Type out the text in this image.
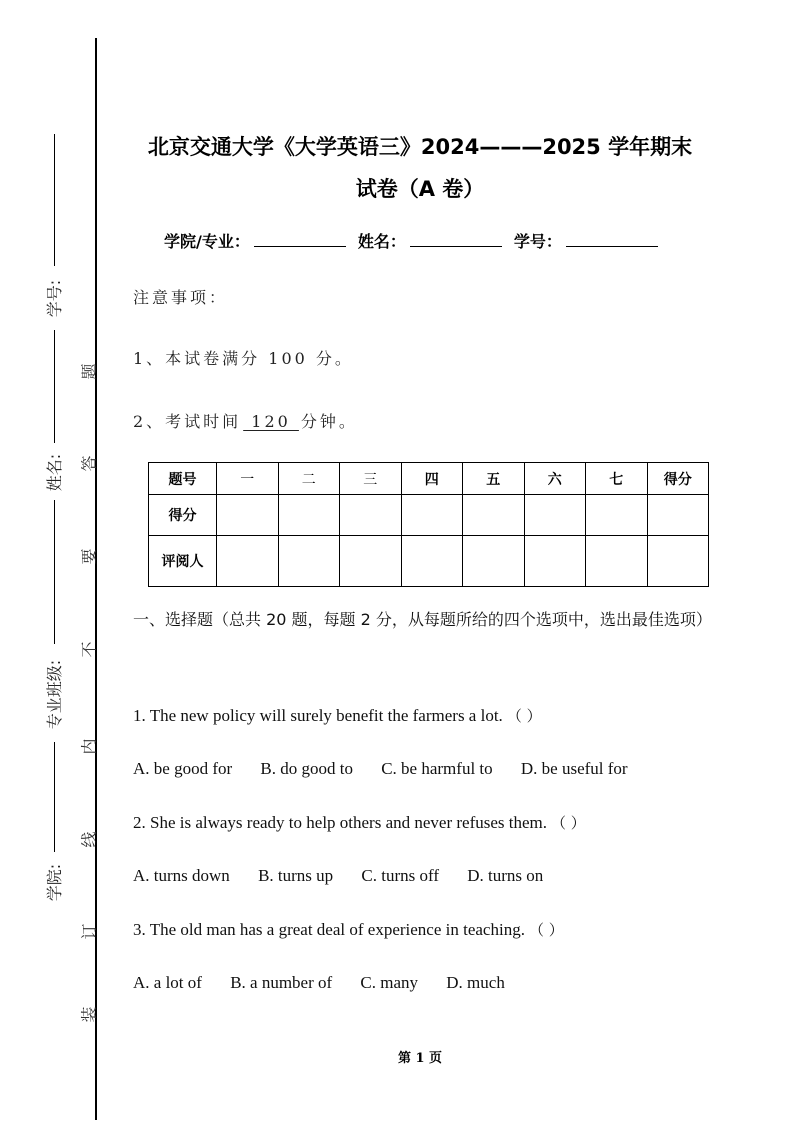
学号:
姓名:
专业班级:
学院:
题
答
要
不
内
线
订
装
北京交通大学《大学英语三》2024———2025 学年期末
试卷（A 卷）
学院/专业：	姓名：	学号：
注意事项：
1、本试卷满分 100 分。
2、考试时间 120 分钟。
题号	一	二	三	四	五	六	七	得分
得分								
评阅人								
一、选择题（总共 20 题，每题 2 分，从每题所给的四个选项中，选出最佳选项）
1. The new policy will surely benefit the farmers a lot. （ ）
A. be good for B. do good to C. be harmful to D. be useful for
2. She is always ready to help others and never refuses them. （ ）
A. turns down B. turns up C. turns off D. turns on
3. The old man has a great deal of experience in teaching. （ ）
A. a lot of B. a number of C. many D. much
第 1 页
